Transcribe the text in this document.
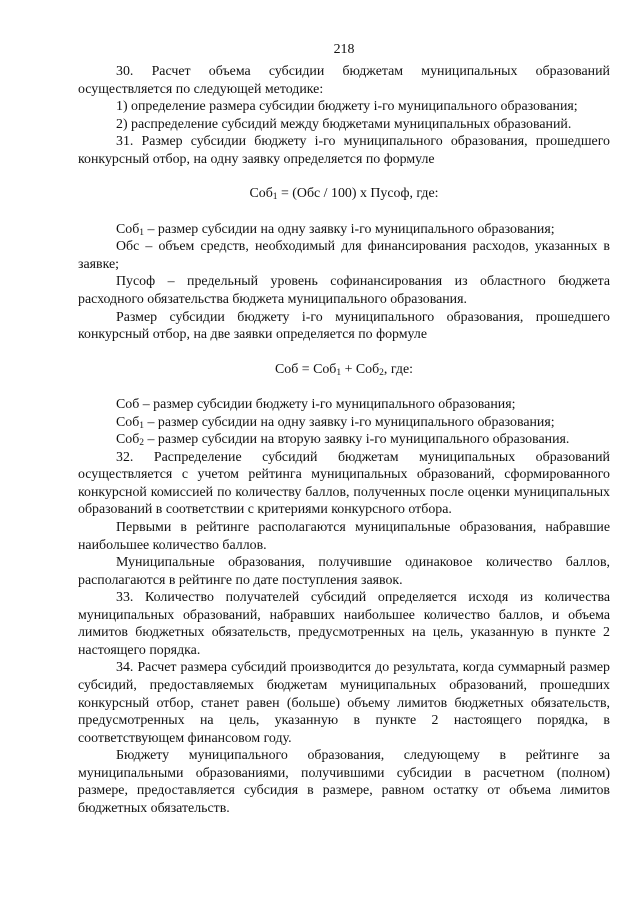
218

30. Расчет объема субсидии бюджетам муниципальных образований осуществляется по следующей методике:

1) определение размера субсидии бюджету i-го муниципального образования;

2) распределение субсидий между бюджетами муниципальных образований.

31. Размер субсидии бюджету i-го муниципального образования, прошедшего конкурсный отбор, на одну заявку определяется по формуле

Соб$_1$ = (Обс / 100) х Пусоф, где:

Соб$_1$ – размер субсидии на одну заявку i-го муниципального образования;

Обс – объем средств, необходимый для финансирования расходов, указанных в заявке;

Пусоф – предельный уровень софинансирования из областного бюджета расходного обязательства бюджета муниципального образования.

Размер субсидии бюджету i-го муниципального образования, прошедшего конкурсный отбор, на две заявки определяется по формуле

Соб = Соб$_1$ + Соб$_2$, где:

Соб – размер субсидии бюджету i-го муниципального образования;

Соб$_1$ – размер субсидии на одну заявку i-го муниципального образования;

Соб$_2$ – размер субсидии на вторую заявку i-го муниципального образования.

32. Распределение субсидий бюджетам муниципальных образований осуществляется с учетом рейтинга муниципальных образований, сформированного конкурсной комиссией по количеству баллов, полученных после оценки муниципальных образований в соответствии с критериями конкурсного отбора.

Первыми в рейтинге располагаются муниципальные образования, набравшие наибольшее количество баллов.

Муниципальные образования, получившие одинаковое количество баллов, располагаются в рейтинге по дате поступления заявок.

33. Количество получателей субсидий определяется исходя из количества муниципальных образований, набравших наибольшее количество баллов, и объема лимитов бюджетных обязательств, предусмотренных на цель, указанную в пункте 2 настоящего порядка.

34. Расчет размера субсидий производится до результата, когда суммарный размер субсидий, предоставляемых бюджетам муниципальных образований, прошедших конкурсный отбор, станет равен (больше) объему лимитов бюджетных обязательств, предусмотренных на цель, указанную в пункте 2 настоящего порядка, в соответствующем финансовом году.

Бюджету муниципального образования, следующему в рейтинге за муниципальными образованиями, получившими субсидии в расчетном (полном) размере, предоставляется субсидия в размере, равном остатку от объема лимитов бюджетных обязательств.
